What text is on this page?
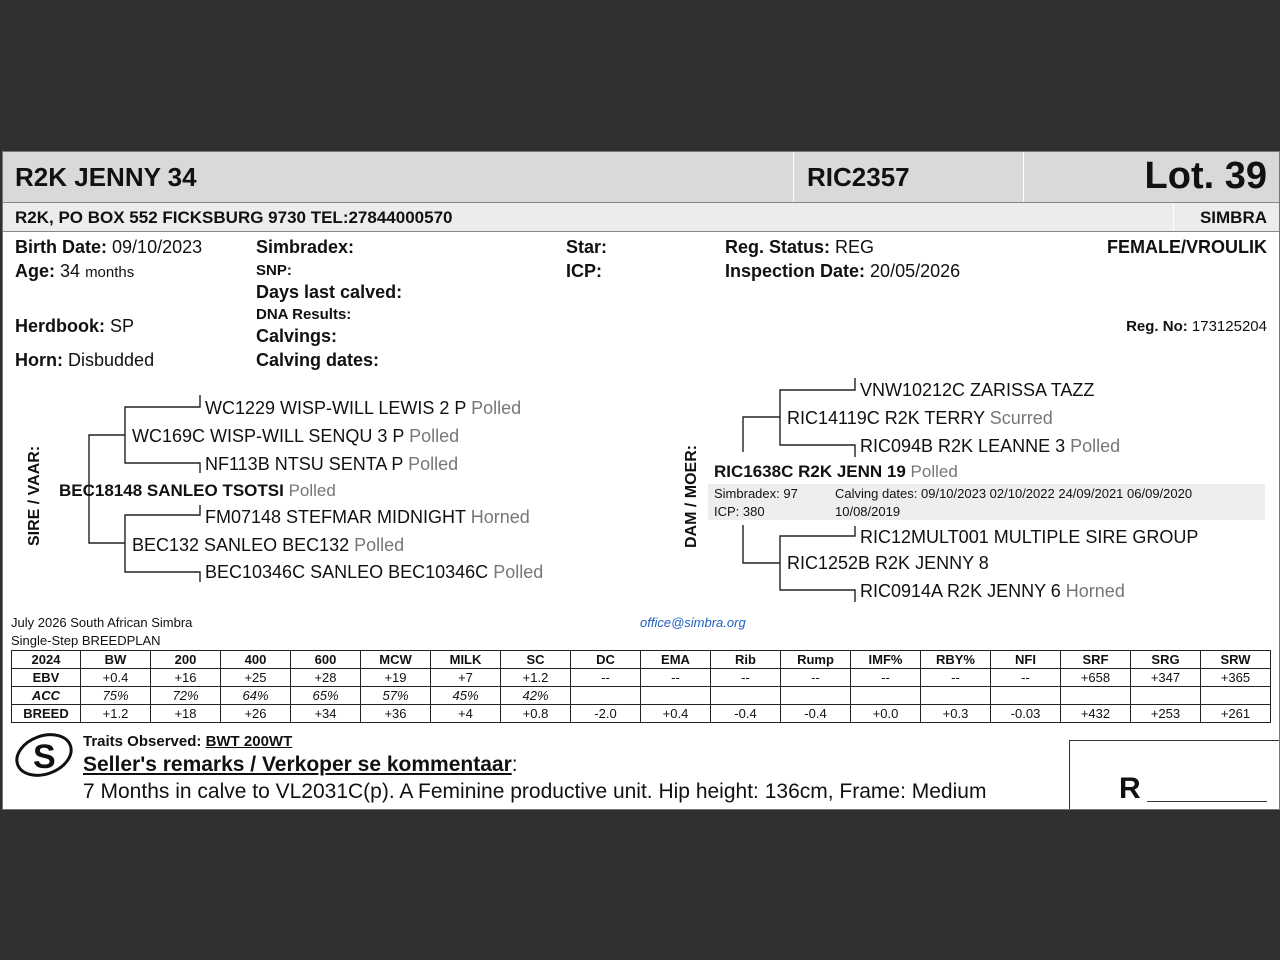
R2K JENNY 34	RIC2357	Lot. 39
R2K, PO BOX 552 FICKSBURG 9730 TEL:27844000570	SIMBRA
Birth Date: 09/10/2023
Age: 34 months
Herdbook: SP
Horn: Disbudded
Simbradex:
SNP:
Days last calved:
DNA Results:
Calvings:
Calving dates:
Star:
ICP:
Reg. Status: REG
Inspection Date: 20/05/2026
FEMALE/VROULIK
Reg. No: 173125204
SIRE / VAAR:
WC1229 WISP-WILL LEWIS 2 P Polled
WC169C WISP-WILL SENQU 3 P Polled
NF113B NTSU SENTA P Polled
BEC18148 SANLEO TSOTSI Polled
FM07148 STEFMAR MIDNIGHT Horned
BEC132 SANLEO BEC132 Polled
BEC10346C SANLEO BEC10346C Polled
DAM / MOER:
VNW10212C ZARISSA TAZZ
RIC14119C R2K TERRY Scurred
RIC094B R2K LEANNE 3 Polled
RIC1638C R2K JENN 19 Polled
Simbradex: 97
ICP: 380
Calving dates: 09/10/2023 02/10/2022 24/09/2021 06/09/2020
10/08/2019
RIC12MULT001 MULTIPLE SIRE GROUP
RIC1252B R2K JENNY 8
RIC0914A R2K JENNY 6 Horned
July 2026 South African Simbra
Single-Step BREEDPLAN
office@simbra.org
2024	BW	200	400	600	MCW	MILK	SC	DC	EMA	Rib	Rump	IMF%	RBY%	NFI	SRF	SRG	SRW
EBV	+0.4	+16	+25	+28	+19	+7	+1.2	--	--	--	--	--	--	--	+658	+347	+365
ACC	75%	72%	64%	65%	57%	45%	42%										
BREED	+1.2	+18	+26	+34	+36	+4	+0.8	-2.0	+0.4	-0.4	-0.4	+0.0	+0.3	-0.03	+432	+253	+261
S Traits Observed: BWT 200WT
Seller's remarks / Verkoper se kommentaar:
7 Months in calve to VL2031C(p). A Feminine productive unit. Hip height: 136cm, Frame: Medium	R
